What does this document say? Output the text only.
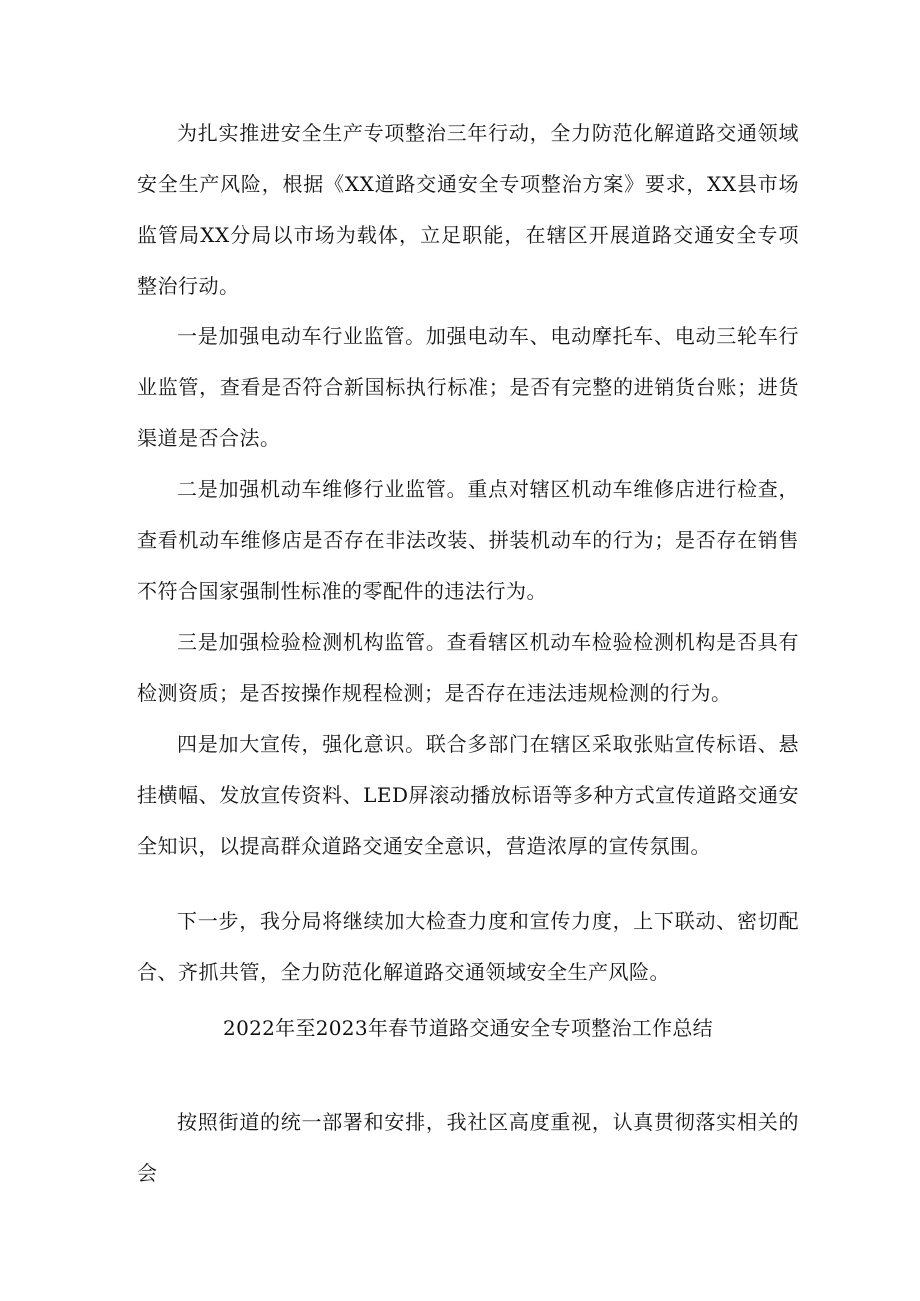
为扎实推进安全生产专项整治三年行动，全力防范化解道路交通领域安全生产风险，根据《XX道路交通安全专项整治方案》要求，XX县市场监管局XX分局以市场为载体，立足职能，在辖区开展道路交通安全专项整治行动。

一是加强电动车行业监管。加强电动车、电动摩托车、电动三轮车行业监管，查看是否符合新国标执行标准；是否有完整的进销货台账；进货渠道是否合法。

二是加强机动车维修行业监管。重点对辖区机动车维修店进行检查，查看机动车维修店是否存在非法改装、拼装机动车的行为；是否存在销售不符合国家强制性标准的零配件的违法行为。

三是加强检验检测机构监管。查看辖区机动车检验检测机构是否具有检测资质；是否按操作规程检测；是否存在违法违规检测的行为。

四是加大宣传，强化意识。联合多部门在辖区采取张贴宣传标语、悬挂横幅、发放宣传资料、LED屏滚动播放标语等多种方式宣传道路交通安全知识，以提高群众道路交通安全意识，营造浓厚的宣传氛围。

下一步，我分局将继续加大检查力度和宣传力度，上下联动、密切配合、齐抓共管，全力防范化解道路交通领域安全生产风险。

2022年至2023年春节道路交通安全专项整治工作总结

按照街道的统一部署和安排，我社区高度重视，认真贯彻落实相关的会
